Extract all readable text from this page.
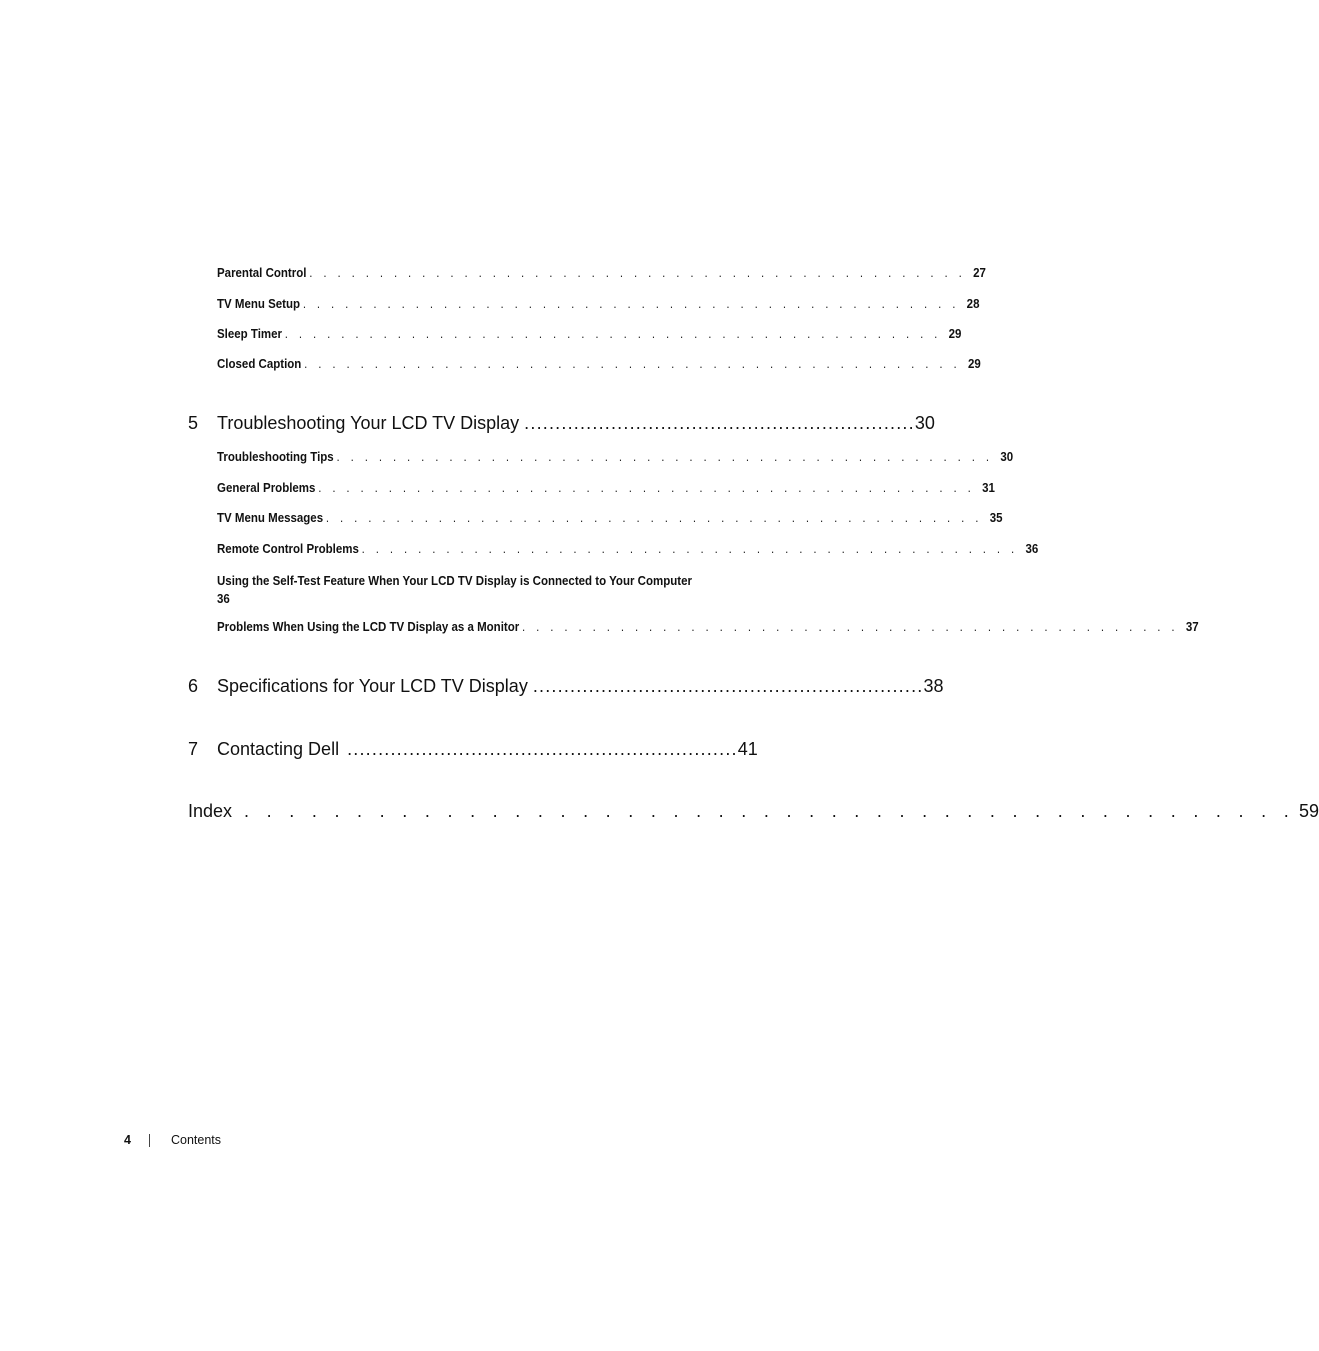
Parental Control . . . . . . . . . . . . . . . . . . . . . . . . . . . . . . . . . . . . . . . . . . . . . . . 27
TV Menu Setup . . . . . . . . . . . . . . . . . . . . . . . . . . . . . . . . . . . . . . . . . . . . . . . 28
Sleep Timer . . . . . . . . . . . . . . . . . . . . . . . . . . . . . . . . . . . . . . . . . . . . . . . 29
Closed Caption . . . . . . . . . . . . . . . . . . . . . . . . . . . . . . . . . . . . . . . . . . . . . . . 29
5	Troubleshooting Your LCD TV Display ............................................................... 30
Troubleshooting Tips . . . . . . . . . . . . . . . . . . . . . . . . . . . . . . . . . . . . . . . . . . . . . . . 30
General Problems . . . . . . . . . . . . . . . . . . . . . . . . . . . . . . . . . . . . . . . . . . . . . . . 31
TV Menu Messages . . . . . . . . . . . . . . . . . . . . . . . . . . . . . . . . . . . . . . . . . . . . . . . 35
Remote Control Problems . . . . . . . . . . . . . . . . . . . . . . . . . . . . . . . . . . . . . . . . . . . . . . . 36
Using the Self-Test Feature When Your LCD TV Display is Connected to Your Computer
36
Problems When Using the LCD TV Display as a Monitor . . . . . . . . . . . . . . . . . . . . . . . . . . . . . . . . . . . . . . . . . . . . . . . 37
6	Specifications for Your LCD TV Display ............................................................... 38
7	Contacting Dell ............................................................... 41
Index . . . . . . . . . . . . . . . . . . . . . . . . . . . . . . . . . . . . . . . . . . . . . . . 59
4	Contents
